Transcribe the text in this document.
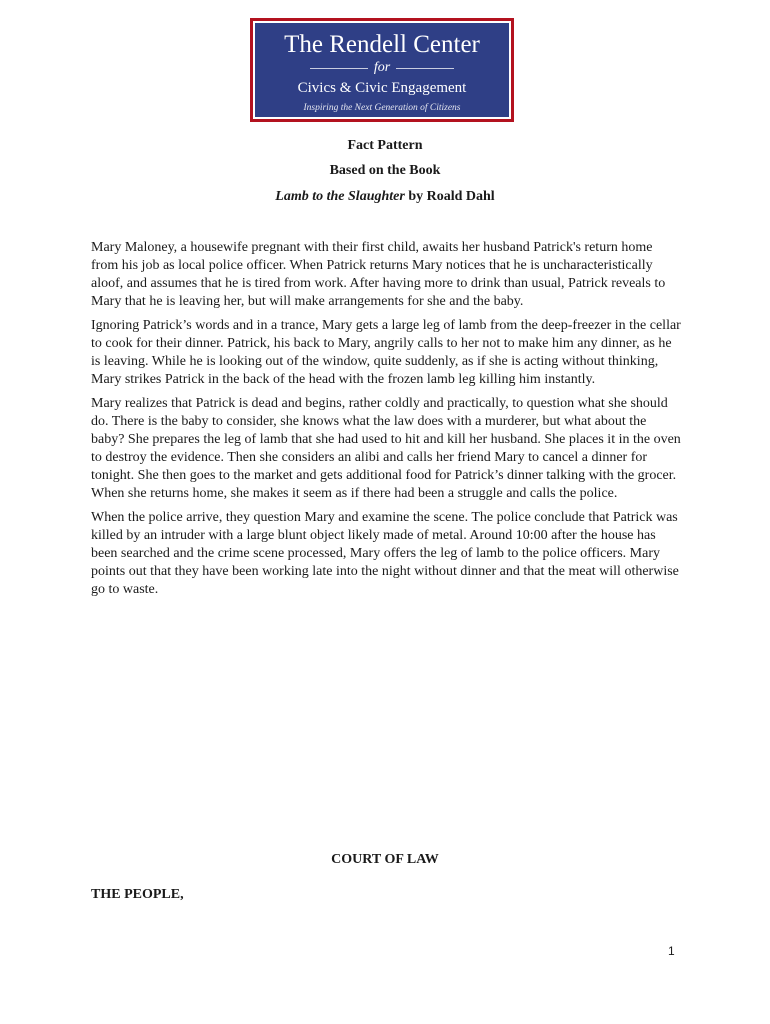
The Rendell Center
for
Civics & Civic Engagement
Inspiring the Next Generation of Citizens
Fact Pattern
Based on the Book
Lamb to the Slaughter by Roald Dahl

Mary Maloney, a housewife pregnant with their first child, awaits her husband Patrick's return home from his job as local police officer. When Patrick returns Mary notices that he is uncharacteristically aloof, and assumes that he is tired from work. After having more to drink than usual, Patrick reveals to Mary that he is leaving her, but will make arrangements for she and the baby.

Ignoring Patrick’s words and in a trance, Mary gets a large leg of lamb from the deep-freezer in the cellar to cook for their dinner. Patrick, his back to Mary, angrily calls to her not to make him any dinner, as he is leaving. While he is looking out of the window, quite suddenly, as if she is acting without thinking, Mary strikes Patrick in the back of the head with the frozen lamb leg killing him instantly.

Mary realizes that Patrick is dead and begins, rather coldly and practically, to question what she should do. There is the baby to consider, she knows what the law does with a murderer, but what about the baby? She prepares the leg of lamb that she had used to hit and kill her husband. She places it in the oven to destroy the evidence. Then she considers an alibi and calls her friend Mary to cancel a dinner for tonight. She then goes to the market and gets additional food for Patrick’s dinner talking with the grocer. When she returns home, she makes it seem as if there had been a struggle and calls the police.

When the police arrive, they question Mary and examine the scene. The police conclude that Patrick was killed by an intruder with a large blunt object likely made of metal. Around 10:00 after the house has been searched and the crime scene processed, Mary offers the leg of lamb to the police officers. Mary points out that they have been working late into the night without dinner and that the meat will otherwise go to waste.

COURT OF LAW
THE PEOPLE,
1
